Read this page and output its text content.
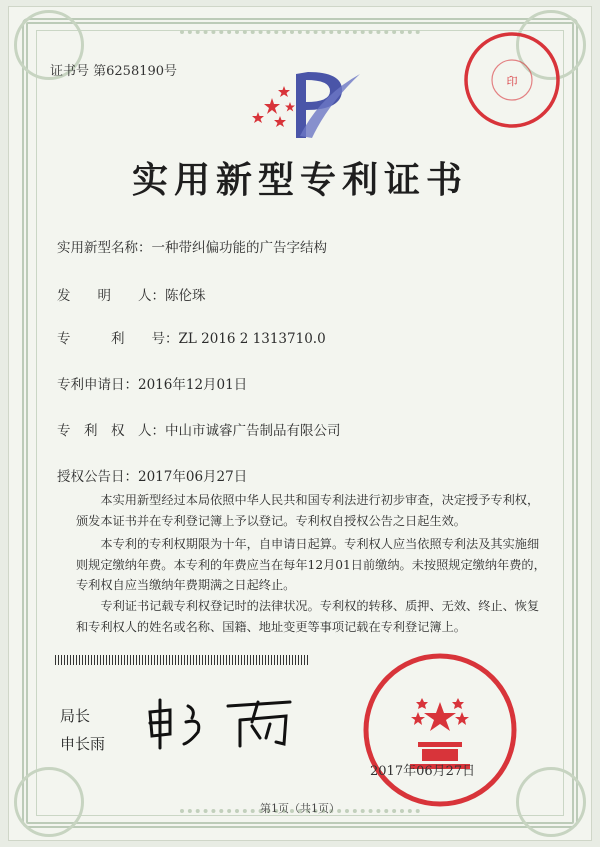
证书号 第6258190号
实用新型专利证书
实用新型名称：一种带纠偏功能的广告字结构
发　　明　　人：陈伦珠
专　　　利　　号：ZL 2016 2 1313710.0
专利申请日：2016年12月01日
专　利　权　人：中山市诚睿广告制品有限公司
授权公告日：2017年06月27日
本实用新型经过本局依照中华人民共和国专利法进行初步审查，决定授予专利权，颁发本证书并在专利登记簿上予以登记。专利权自授权公告之日起生效。
本专利的专利权期限为十年，自申请日起算。专利权人应当依照专利法及其实施细则规定缴纳年费。本专利的年费应当在每年12月01日前缴纳。未按照规定缴纳年费的，专利权自应当缴纳年费期满之日起终止。
专利证书记载专利权登记时的法律状况。专利权的转移、质押、无效、终止、恢复和专利权人的姓名或名称、国籍、地址变更等事项记载在专利登记簿上。
局长
申长雨
印
2017年06月27日
第1页（共1页）
